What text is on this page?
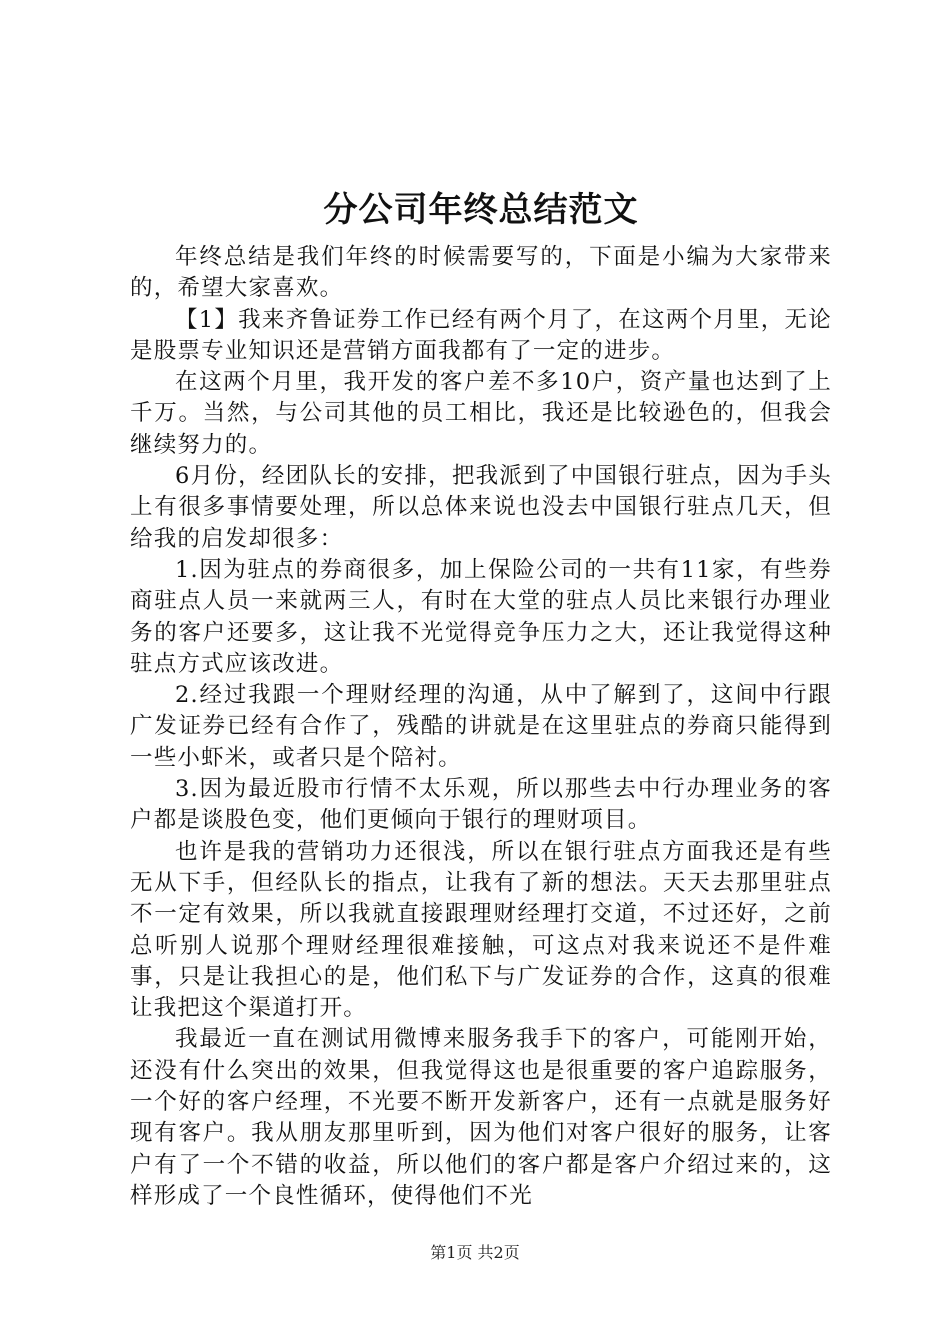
分公司年终总结范文

年终总结是我们年终的时候需要写的，下面是小编为大家带来的，希望大家喜欢。

【1】我来齐鲁证券工作已经有两个月了，在这两个月里，无论是股票专业知识还是营销方面我都有了一定的进步。

在这两个月里，我开发的客户差不多10户，资产量也达到了上千万。当然，与公司其他的员工相比，我还是比较逊色的，但我会继续努力的。

6月份，经团队长的安排，把我派到了中国银行驻点，因为手头上有很多事情要处理，所以总体来说也没去中国银行驻点几天，但给我的启发却很多：

1.因为驻点的券商很多，加上保险公司的一共有11家，有些券商驻点人员一来就两三人，有时在大堂的驻点人员比来银行办理业务的客户还要多，这让我不光觉得竞争压力之大，还让我觉得这种驻点方式应该改进。

2.经过我跟一个理财经理的沟通，从中了解到了，这间中行跟广发证券已经有合作了，残酷的讲就是在这里驻点的券商只能得到一些小虾米，或者只是个陪衬。

3.因为最近股市行情不太乐观，所以那些去中行办理业务的客户都是谈股色变，他们更倾向于银行的理财项目。

也许是我的营销功力还很浅，所以在银行驻点方面我还是有些无从下手，但经队长的指点，让我有了新的想法。天天去那里驻点不一定有效果，所以我就直接跟理财经理打交道，不过还好，之前总听别人说那个理财经理很难接触，可这点对我来说还不是件难事，只是让我担心的是，他们私下与广发证券的合作，这真的很难让我把这个渠道打开。

我最近一直在测试用微博来服务我手下的客户，可能刚开始，还没有什么突出的效果，但我觉得这也是很重要的客户追踪服务，一个好的客户经理，不光要不断开发新客户，还有一点就是服务好现有客户。我从朋友那里听到，因为他们对客户很好的服务，让客户有了一个不错的收益，所以他们的客户都是客户介绍过来的，这样形成了一个良性循环，使得他们不光

第1页 共2页
